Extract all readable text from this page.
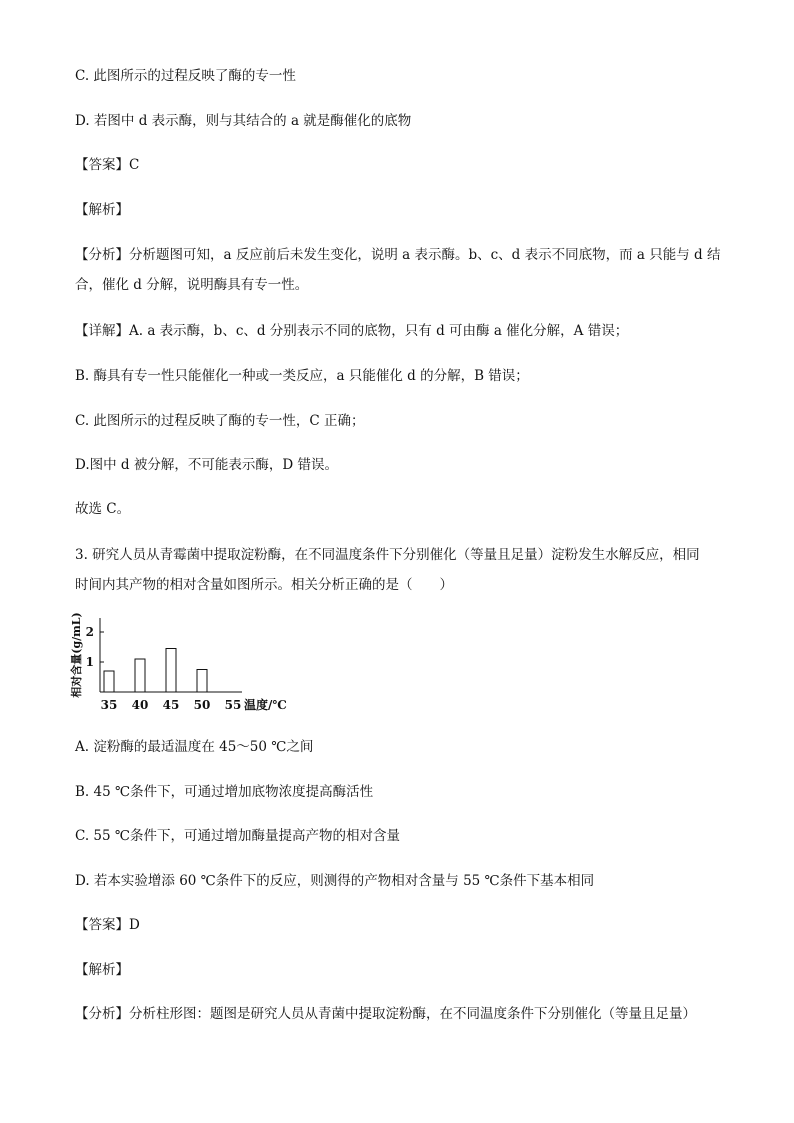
C. 此图所示的过程反映了酶的专一性
D. 若图中 d 表示酶，则与其结合的 a 就是酶催化的底物
【答案】C
【解析】
【分析】分析题图可知，a 反应前后未发生变化，说明 a 表示酶。b、c、d 表示不同底物，而 a 只能与 d 结
合，催化 d 分解，说明酶具有专一性。
【详解】A. a 表示酶，b、c、d 分别表示不同的底物，只有 d 可由酶 a 催化分解，A 错误；
B. 酶具有专一性只能催化一种或一类反应，a 只能催化 d 的分解，B 错误；
C. 此图所示的过程反映了酶的专一性，C 正确；
D.图中 d 被分解，不可能表示酶，D 错误。
故选 C。
3. 研究人员从青霉菌中提取淀粉酶，在不同温度条件下分别催化（等量且足量）淀粉发生水解反应，相同
时间内其产物的相对含量如图所示。相关分析正确的是（　　）
35 40 45 50 55
1
2
相对含量(g/mL)
温度/℃
A. 淀粉酶的最适温度在 45～50 ℃之间
B. 45 ℃条件下，可通过增加底物浓度提高酶活性
C. 55 ℃条件下，可通过增加酶量提高产物的相对含量
D. 若本实验增添 60 ℃条件下的反应，则测得的产物相对含量与 55 ℃条件下基本相同
【答案】D
【解析】
【分析】分析柱形图：题图是研究人员从青菌中提取淀粉酶，在不同温度条件下分别催化（等量且足量）
